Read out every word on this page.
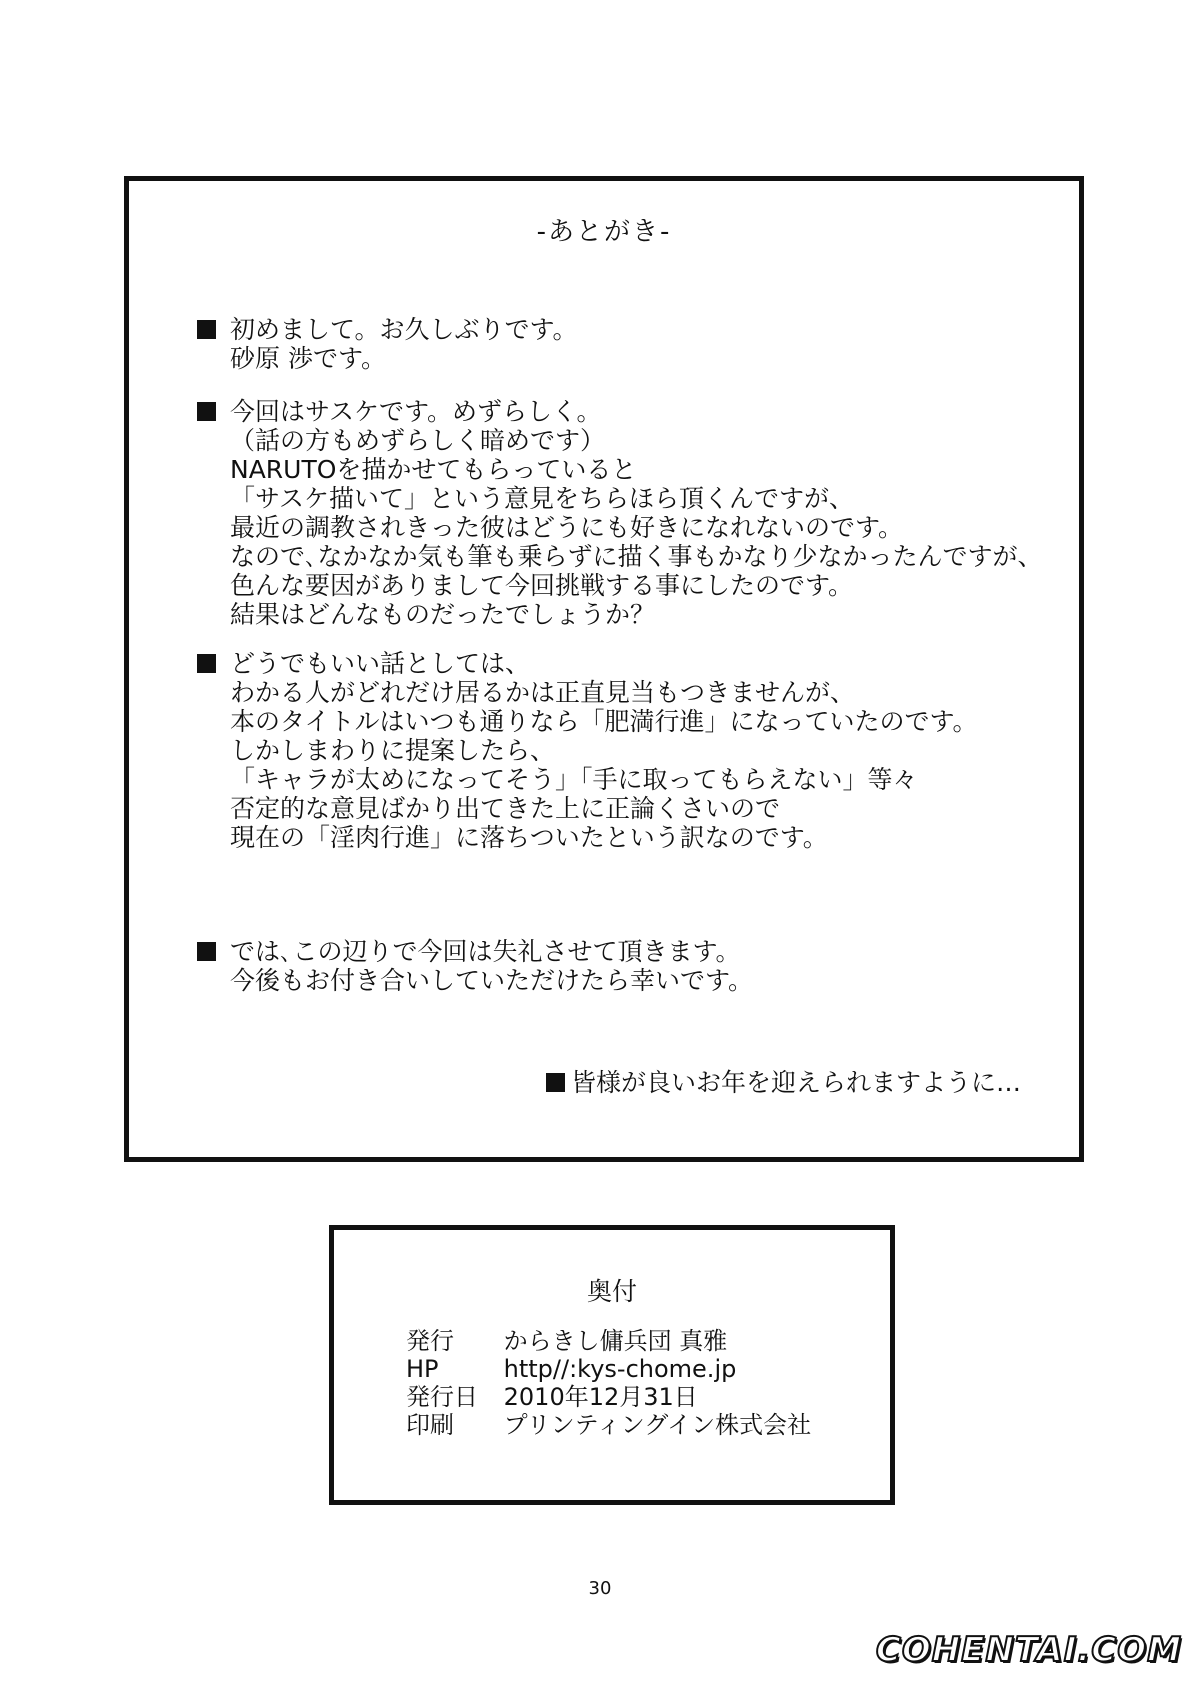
-あとがき-
初めまして。お久しぶりです。
砂原 渉です。
今回はサスケです。めずらしく。
（話の方もめずらしく暗めです）
NARUTOを描かせてもらっていると
「サスケ描いて」という意見をちらほら頂くんですが、
最近の調教されきった彼はどうにも好きになれないのです。
なので､なかなか気も筆も乗らずに描く事もかなり少なかったんですが、
色んな要因がありまして今回挑戦する事にしたのです。
結果はどんなものだったでしょうか？
どうでもいい話としては、
わかる人がどれだけ居るかは正直見当もつきませんが、
本のタイトルはいつも通りなら「肥満行進」になっていたのです。
しかしまわりに提案したら、
「キャラが太めになってそう」「手に取ってもらえない」等々
否定的な意見ばかり出てきた上に正論くさいので
現在の「淫肉行進」に落ちついたという訳なのです。
では､この辺りで今回は失礼させて頂きます。
今後もお付き合いしていただけたら幸いです。
皆様が良いお年を迎えられますように…
奥付
発行 からきし傭兵団 真雅
HP	http//:kys-chome.jp
発行日 2010年12月31日
印刷 プリンティングイン株式会社
30
COHENTAI.COM
